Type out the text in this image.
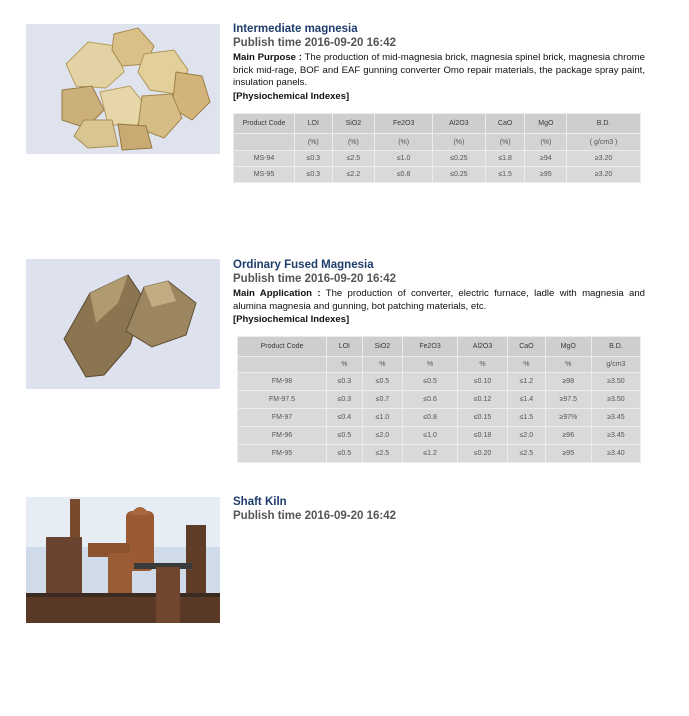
Intermediate magnesia
Publish time 2016-09-20 16:42
Main Purpose : The production of mid-magnesia brick, magnesia spinel brick, magnesia chrome brick mid-rage, BOF and EAF gunning converter Omo repair materials, the package spray paint, insulation panels.
[Physiochemical Indexes]
Product Code	LOI	SiO2	Fe2O3	Al2O3	CaO	MgO	B.D.
	(%)	(%)	(%)	(%)	(%)	(%)	( g/cm3 )
MS-94	≤0.3	≤2.5	≤1.0	≤0.25	≤1.8	≥94	≥3.20
MS-95	≤0.3	≤2.2	≤0.8	≤0.25	≤1.5	≥95	≥3.20
Ordinary Fused Magnesia
Publish time 2016-09-20 16:42
Main Application : The production of converter, electric furnace, ladle with magnesia and alumina magnesia and gunning, bot patching materials, etc.
[Physiochemical Indexes]
Product Code	LOI	SiO2	Fe2O3	Al2O3	CaO	MgO	B.D.
	%	%	%	%	%	%	g/cm3
FM-98	≤0.3	≤0.5	≤0.5	≤0.10	≤1.2	≥98	≥3.50
FM-97.5	≤0.3	≤0.7	≤0.6	≤0.12	≤1.4	≥97.5	≥3.50
FM-97	≤0.4	≤1.0	≤0.8	≤0.15	≤1.5	≥97%	≥3.45
FM-96	≤0.5	≤2.0	≤1.0	≤0.18	≤2.0	≥96	≥3.45
FM-95	≤0.5	≤2.5	≤1.2	≤0.20	≤2.5	≥95	≥3.40
Shaft Kiln
Publish time 2016-09-20 16:42
